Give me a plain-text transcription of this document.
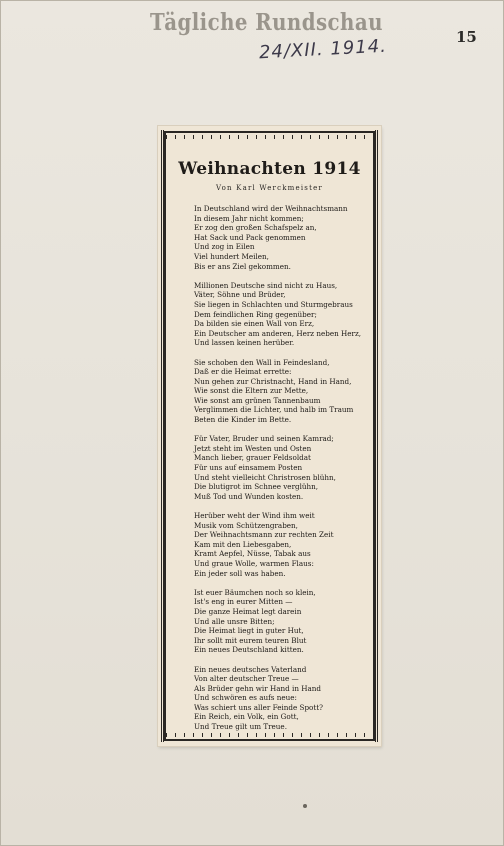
Tägliche Rundschau
24/XII. 1914.	15
Weihnachten 1914
Von Karl Werckmeister
In Deutschland wird der Weihnachtsmann
In diesem Jahr nicht kommen;
Er zog den großen Schafspelz an,
Hat Sack und Pack genommen
Und zog in Eilen
Viel hundert Meilen,
Bis er ans Ziel gekommen.
Millionen Deutsche sind nicht zu Haus,
Väter, Söhne und Brüder,
Sie liegen in Schlachten und Sturmgebraus
Dem feindlichen Ring gegenüber;
Da bilden sie einen Wall von Erz,
Ein Deutscher am anderen, Herz neben Herz,
Und lassen keinen herüber.
Sie schoben den Wall in Feindesland,
Daß er die Heimat errette:
Nun gehen zur Christnacht, Hand in Hand,
Wie sonst die Eltern zur Mette,
Wie sonst am grünen Tannenbaum
Verglimmen die Lichter, und halb im Traum
Beten die Kinder im Bette.
Für Vater, Bruder und seinen Kamrad;
Jetzt steht im Westen und Osten
Manch lieber, grauer Feldsoldat
Für uns auf einsamem Posten
Und steht vielleicht Christrosen blühn,
Die blutigrot im Schnee verglühn,
Muß Tod und Wunden kosten.
Herüber weht der Wind ihm weit
Musik vom Schützengraben,
Der Weihnachtsmann zur rechten Zeit
Kam mit den Liebesgaben,
Kramt Aepfel, Nüsse, Tabak aus
Und graue Wolle, warmen Flaus:
Ein jeder soll was haben.
Ist euer Bäumchen noch so klein,
Ist's eng in eurer Mitten —
Die ganze Heimat legt darein
Und alle unsre Bitten;
Die Heimat liegt in guter Hut,
Ihr sollt mit eurem teuren Blut
Ein neues Deutschland kitten.
Ein neues deutsches Vaterland
Von alter deutscher Treue —
Als Brüder gehn wir Hand in Hand
Und schwören es aufs neue:
Was schiert uns aller Feinde Spott?
Ein Reich, ein Volk, ein Gott,
Und Treue gilt um Treue.
